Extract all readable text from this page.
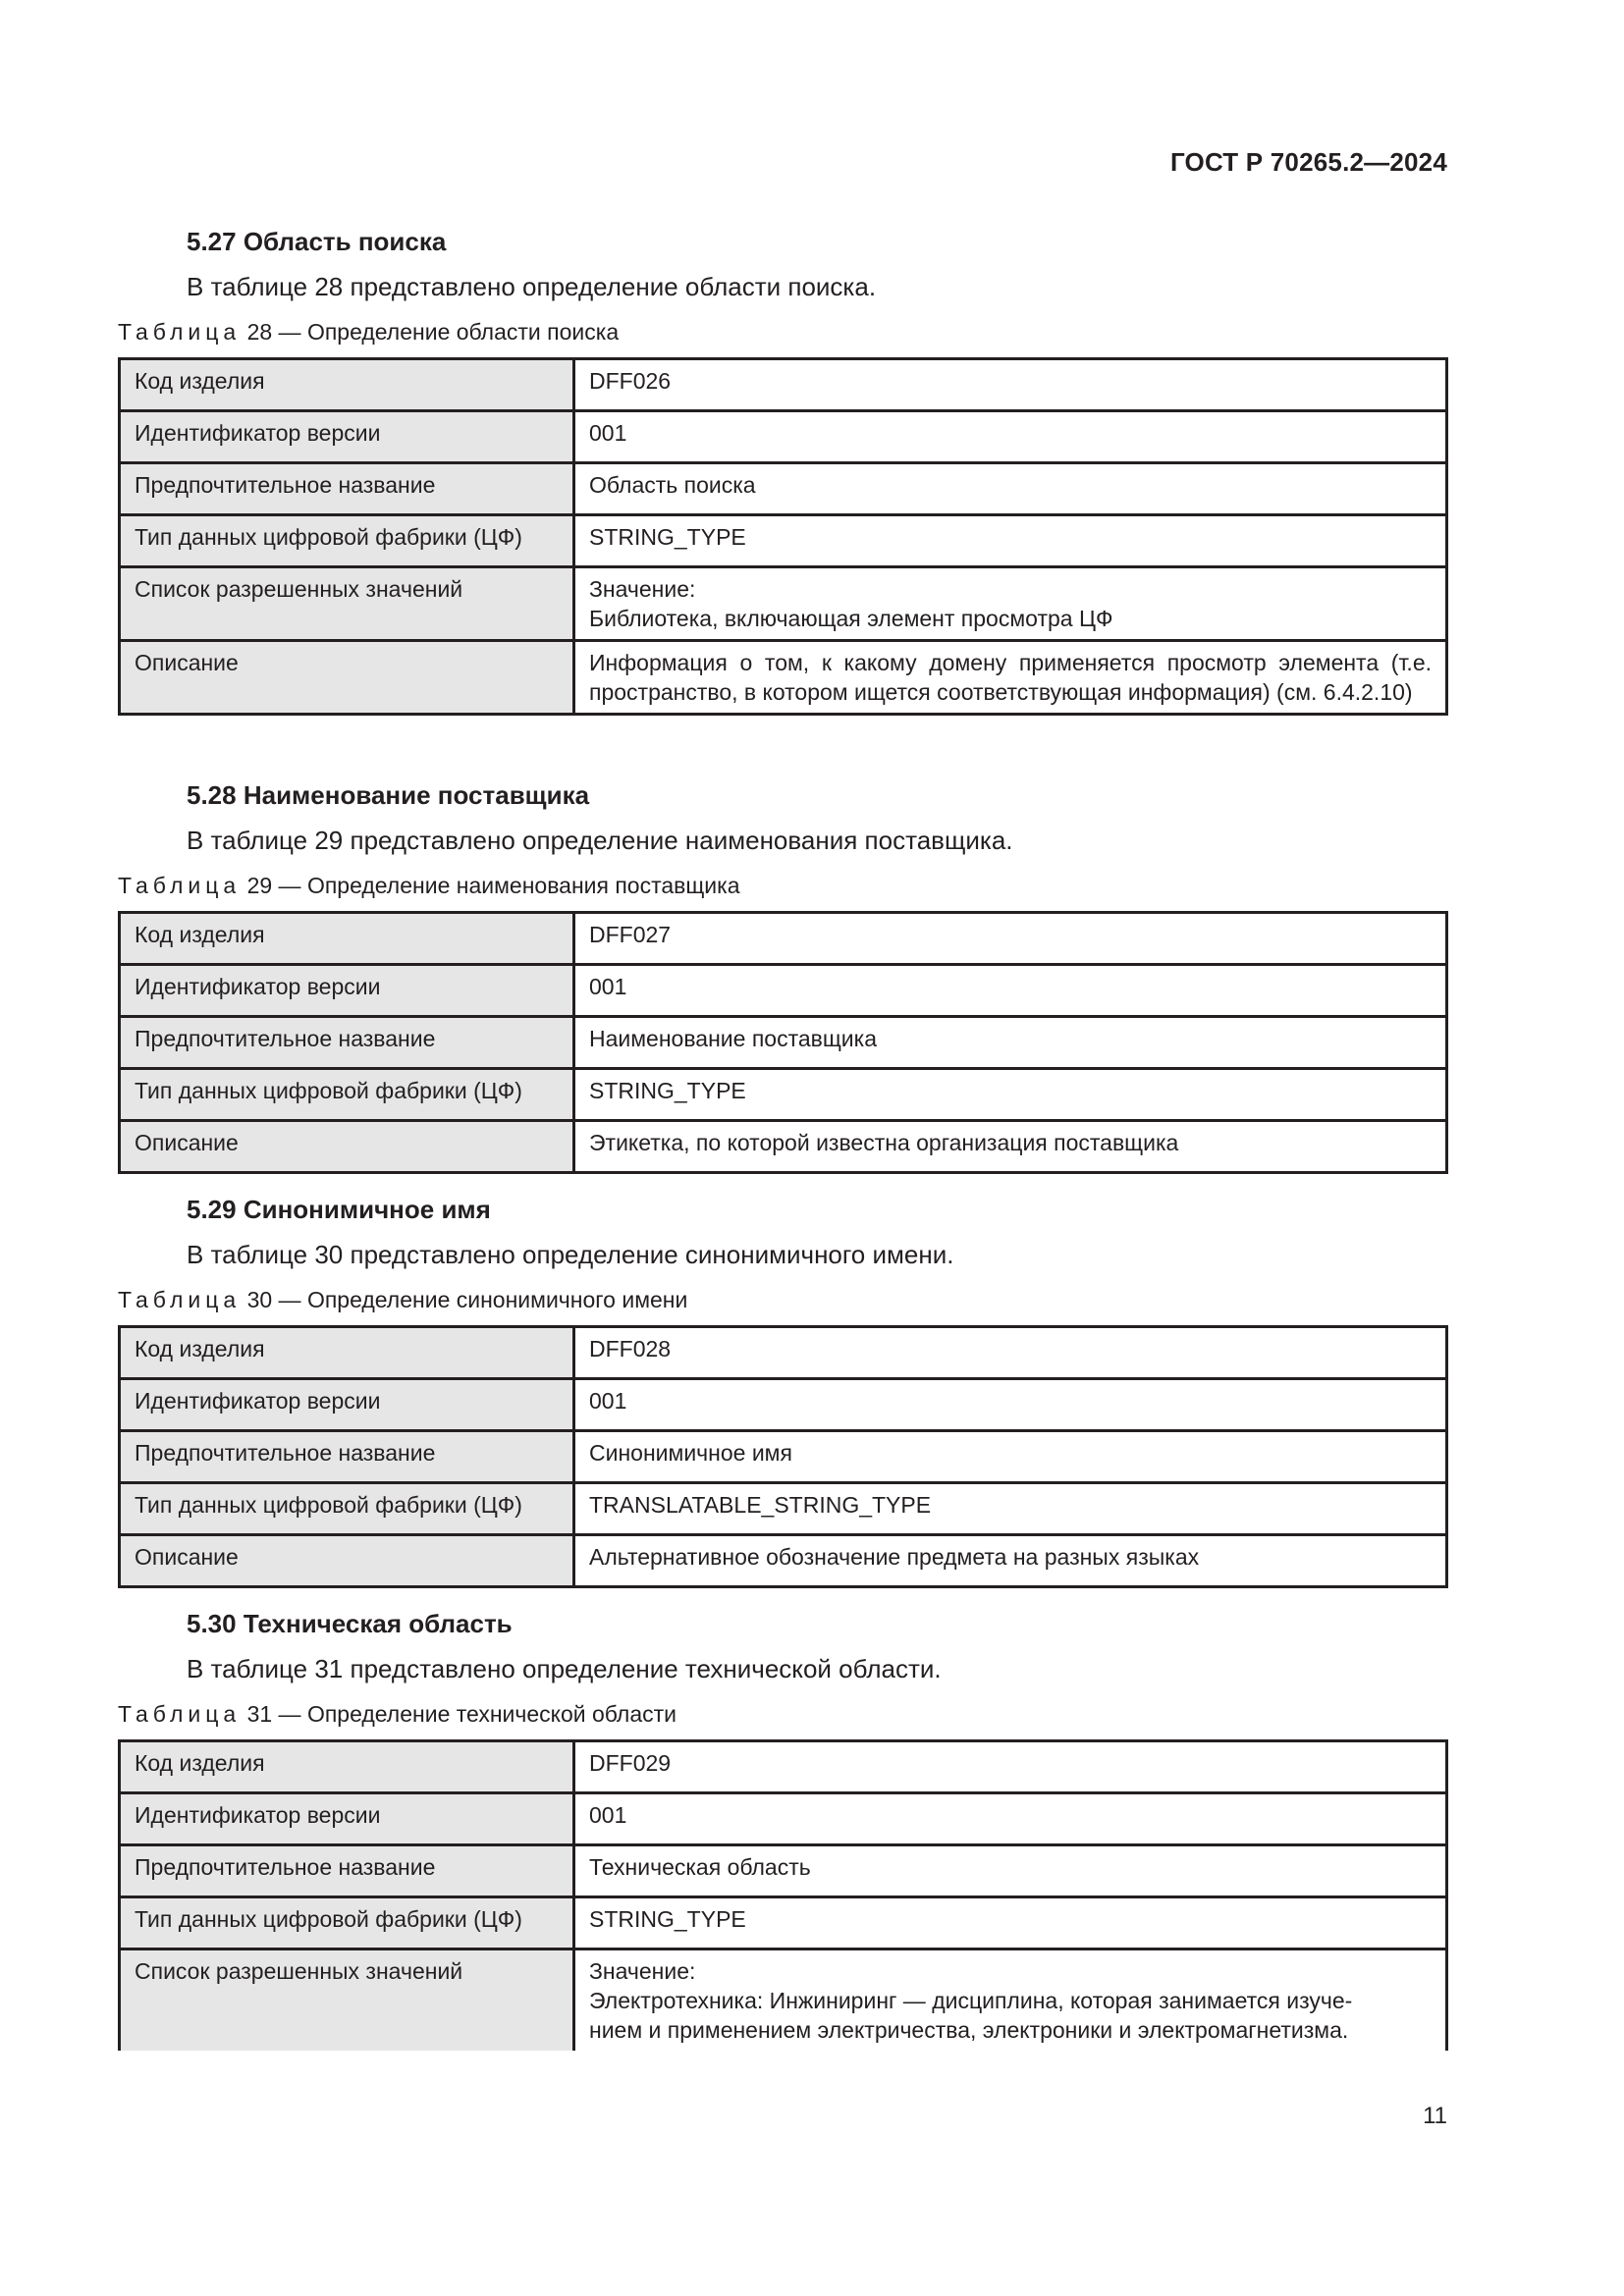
ГОСТ Р 70265.2—2024
5.27 Область поиска

В таблице 28 представлено определение области поиска.

Таблица 28 — Определение области поиска

Код изделия	DFF026
Идентификатор версии	001
Предпочтительное название	Область поиска
Тип данных цифровой фабрики (ЦФ)	STRING_TYPE
Список разрешенных значений	Значение:
Библиотека, включающая элемент просмотра ЦФ

Описание	Информация о том, к какому домену применяется просмотр элемента (т.е. пространство, в котором ищется соответствующая информация) (см. 6.4.2.10)
5.28 Наименование поставщика

В таблице 29 представлено определение наименования поставщика.

Таблица 29 — Определение наименования поставщика

Код изделия	DFF027
Идентификатор версии	001
Предпочтительное название	Наименование поставщика
Тип данных цифровой фабрики (ЦФ)	STRING_TYPE
Описание	Этикетка, по которой известна организация поставщика
5.29 Синонимичное имя

В таблице 30 представлено определение синонимичного имени.

Таблица 30 — Определение синонимичного имени

Код изделия	DFF028
Идентификатор версии	001
Предпочтительное название	Синонимичное имя
Тип данных цифровой фабрики (ЦФ)	TRANSLATABLE_STRING_TYPE
Описание	Альтернативное обозначение предмета на разных языках
5.30 Техническая область

В таблице 31 представлено определение технической области.

Таблица 31 — Определение технической области

Код изделия	DFF029
Идентификатор версии	001
Предпочтительное название	Техническая область
Тип данных цифровой фабрики (ЦФ)	STRING_TYPE
Список разрешенных значений	Значение:
Электротехника: Инжиниринг — дисциплина, которая занимается изуче-
нием и применением электричества, электроники и электромагнетизма.
11
